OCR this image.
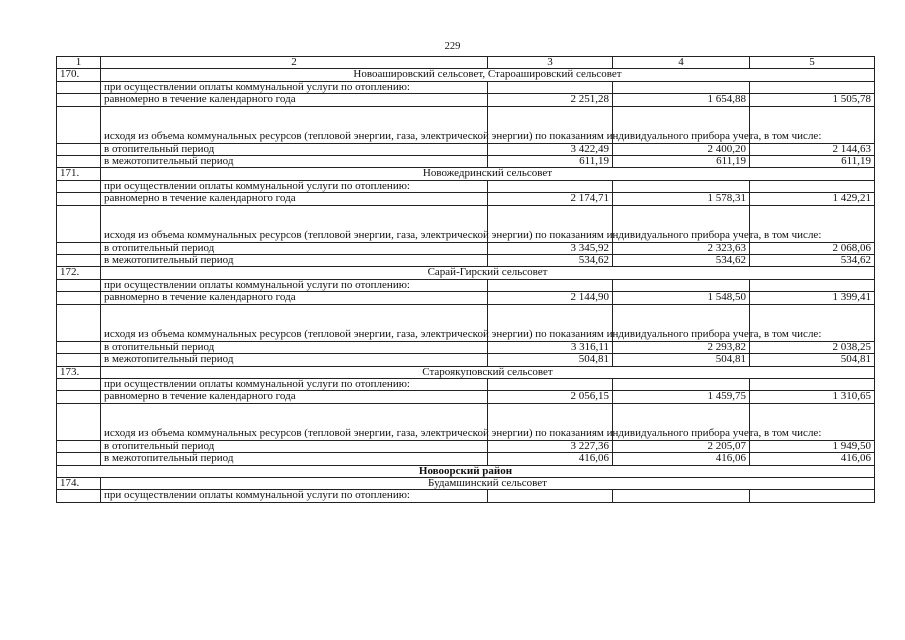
229
1	2	3	4	5
170.	Новоашировский сельсовет, Староашировский сельсовет			
	при осуществлении оплаты коммунальной услуги по отоплению:			
	равномерно в течение календарного года	2 251,28	1 654,88	1 505,78
	исходя из объема коммунальных ресурсов (тепловой энергии, газа, электрической энергии) по показаниям индивидуального прибора учета, в том числе:			
	в отопительный период	3 422,49	2 400,20	2 144,63
	в межотопительный период	611,19	611,19	611,19
171.	Новожедринский сельсовет			
	при осуществлении оплаты коммунальной услуги по отоплению:			
	равномерно в течение календарного года	2 174,71	1 578,31	1 429,21
	исходя из объема коммунальных ресурсов (тепловой энергии, газа, электрической энергии) по показаниям индивидуального прибора учета, в том числе:			
	в отопительный период	3 345,92	2 323,63	2 068,06
	в межотопительный период	534,62	534,62	534,62
172.	Сарай-Гирский сельсовет			
	при осуществлении оплаты коммунальной услуги по отоплению:			
	равномерно в течение календарного года	2 144,90	1 548,50	1 399,41
	исходя из объема коммунальных ресурсов (тепловой энергии, газа, электрической энергии) по показаниям индивидуального прибора учета, в том числе:			
	в отопительный период	3 316,11	2 293,82	2 038,25
	в межотопительный период	504,81	504,81	504,81
173.	Староякуповский сельсовет			
	при осуществлении оплаты коммунальной услуги по отоплению:			
	равномерно в течение календарного года	2 056,15	1 459,75	1 310,65
	исходя из объема коммунальных ресурсов (тепловой энергии, газа, электрической энергии) по показаниям индивидуального прибора учета, в том числе:			
	в отопительный период	3 227,36	2 205,07	1 949,50
	в межотопительный период	416,06	416,06	416,06
Новоорский район				
174.	Будамшинский сельсовет			
	при осуществлении оплаты коммунальной услуги по отоплению:			
